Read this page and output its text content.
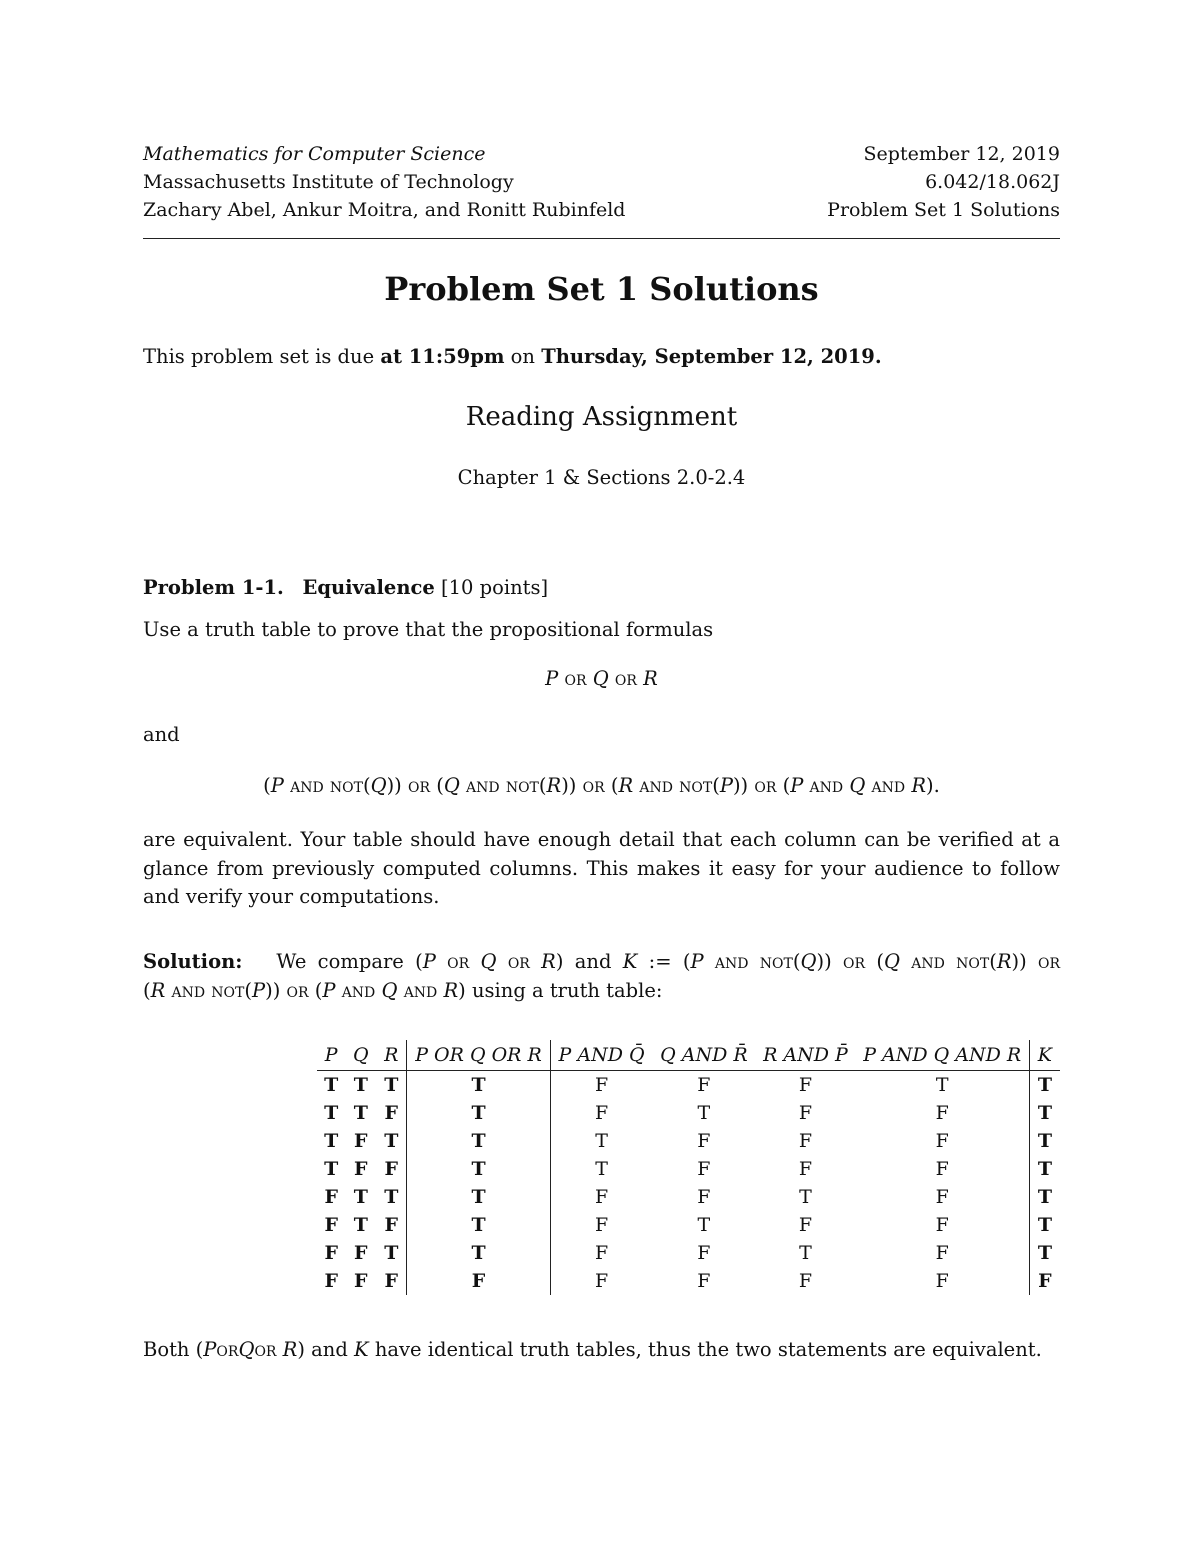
Mathematics for Computer Science	September 12, 2019
Massachusetts Institute of Technology	6.042/18.062J
Zachary Abel, Ankur Moitra, and Ronitt Rubinfeld	Problem Set 1 Solutions
Problem Set 1 Solutions
This problem set is due at 11:59pm on Thursday, September 12, 2019.
Reading Assignment
Chapter 1 & Sections 2.0-2.4
Problem 1-1. Equivalence [10 points]
Use a truth table to prove that the propositional formulas
P or Q or R
and
(P and not(Q)) or (Q and not(R)) or (R and not(P)) or (P and Q and R).
are equivalent. Your table should have enough detail that each column can be verified at a glance from previously computed columns. This makes it easy for your audience to follow and verify your computations.
Solution: We compare (P or Q or R) and K := (P and not(Q)) or (Q and not(R)) or
(R and not(P)) or (P and Q and R) using a truth table:
P	Q	R	P OR Q OR R	P AND Q̄	Q AND R̄	R AND P̄	P AND Q AND R	K
T	T	T	T	F	F	F	T	T
T	T	F	T	F	T	F	F	T
T	F	T	T	T	F	F	F	T
T	F	F	T	T	F	F	F	T
F	T	T	T	F	F	T	F	T
F	T	F	T	F	T	F	F	T
F	F	T	T	F	F	T	F	T
F	F	F	F	F	F	F	F	F
Both (PorQor R) and K have identical truth tables, thus the two statements are equivalent.
